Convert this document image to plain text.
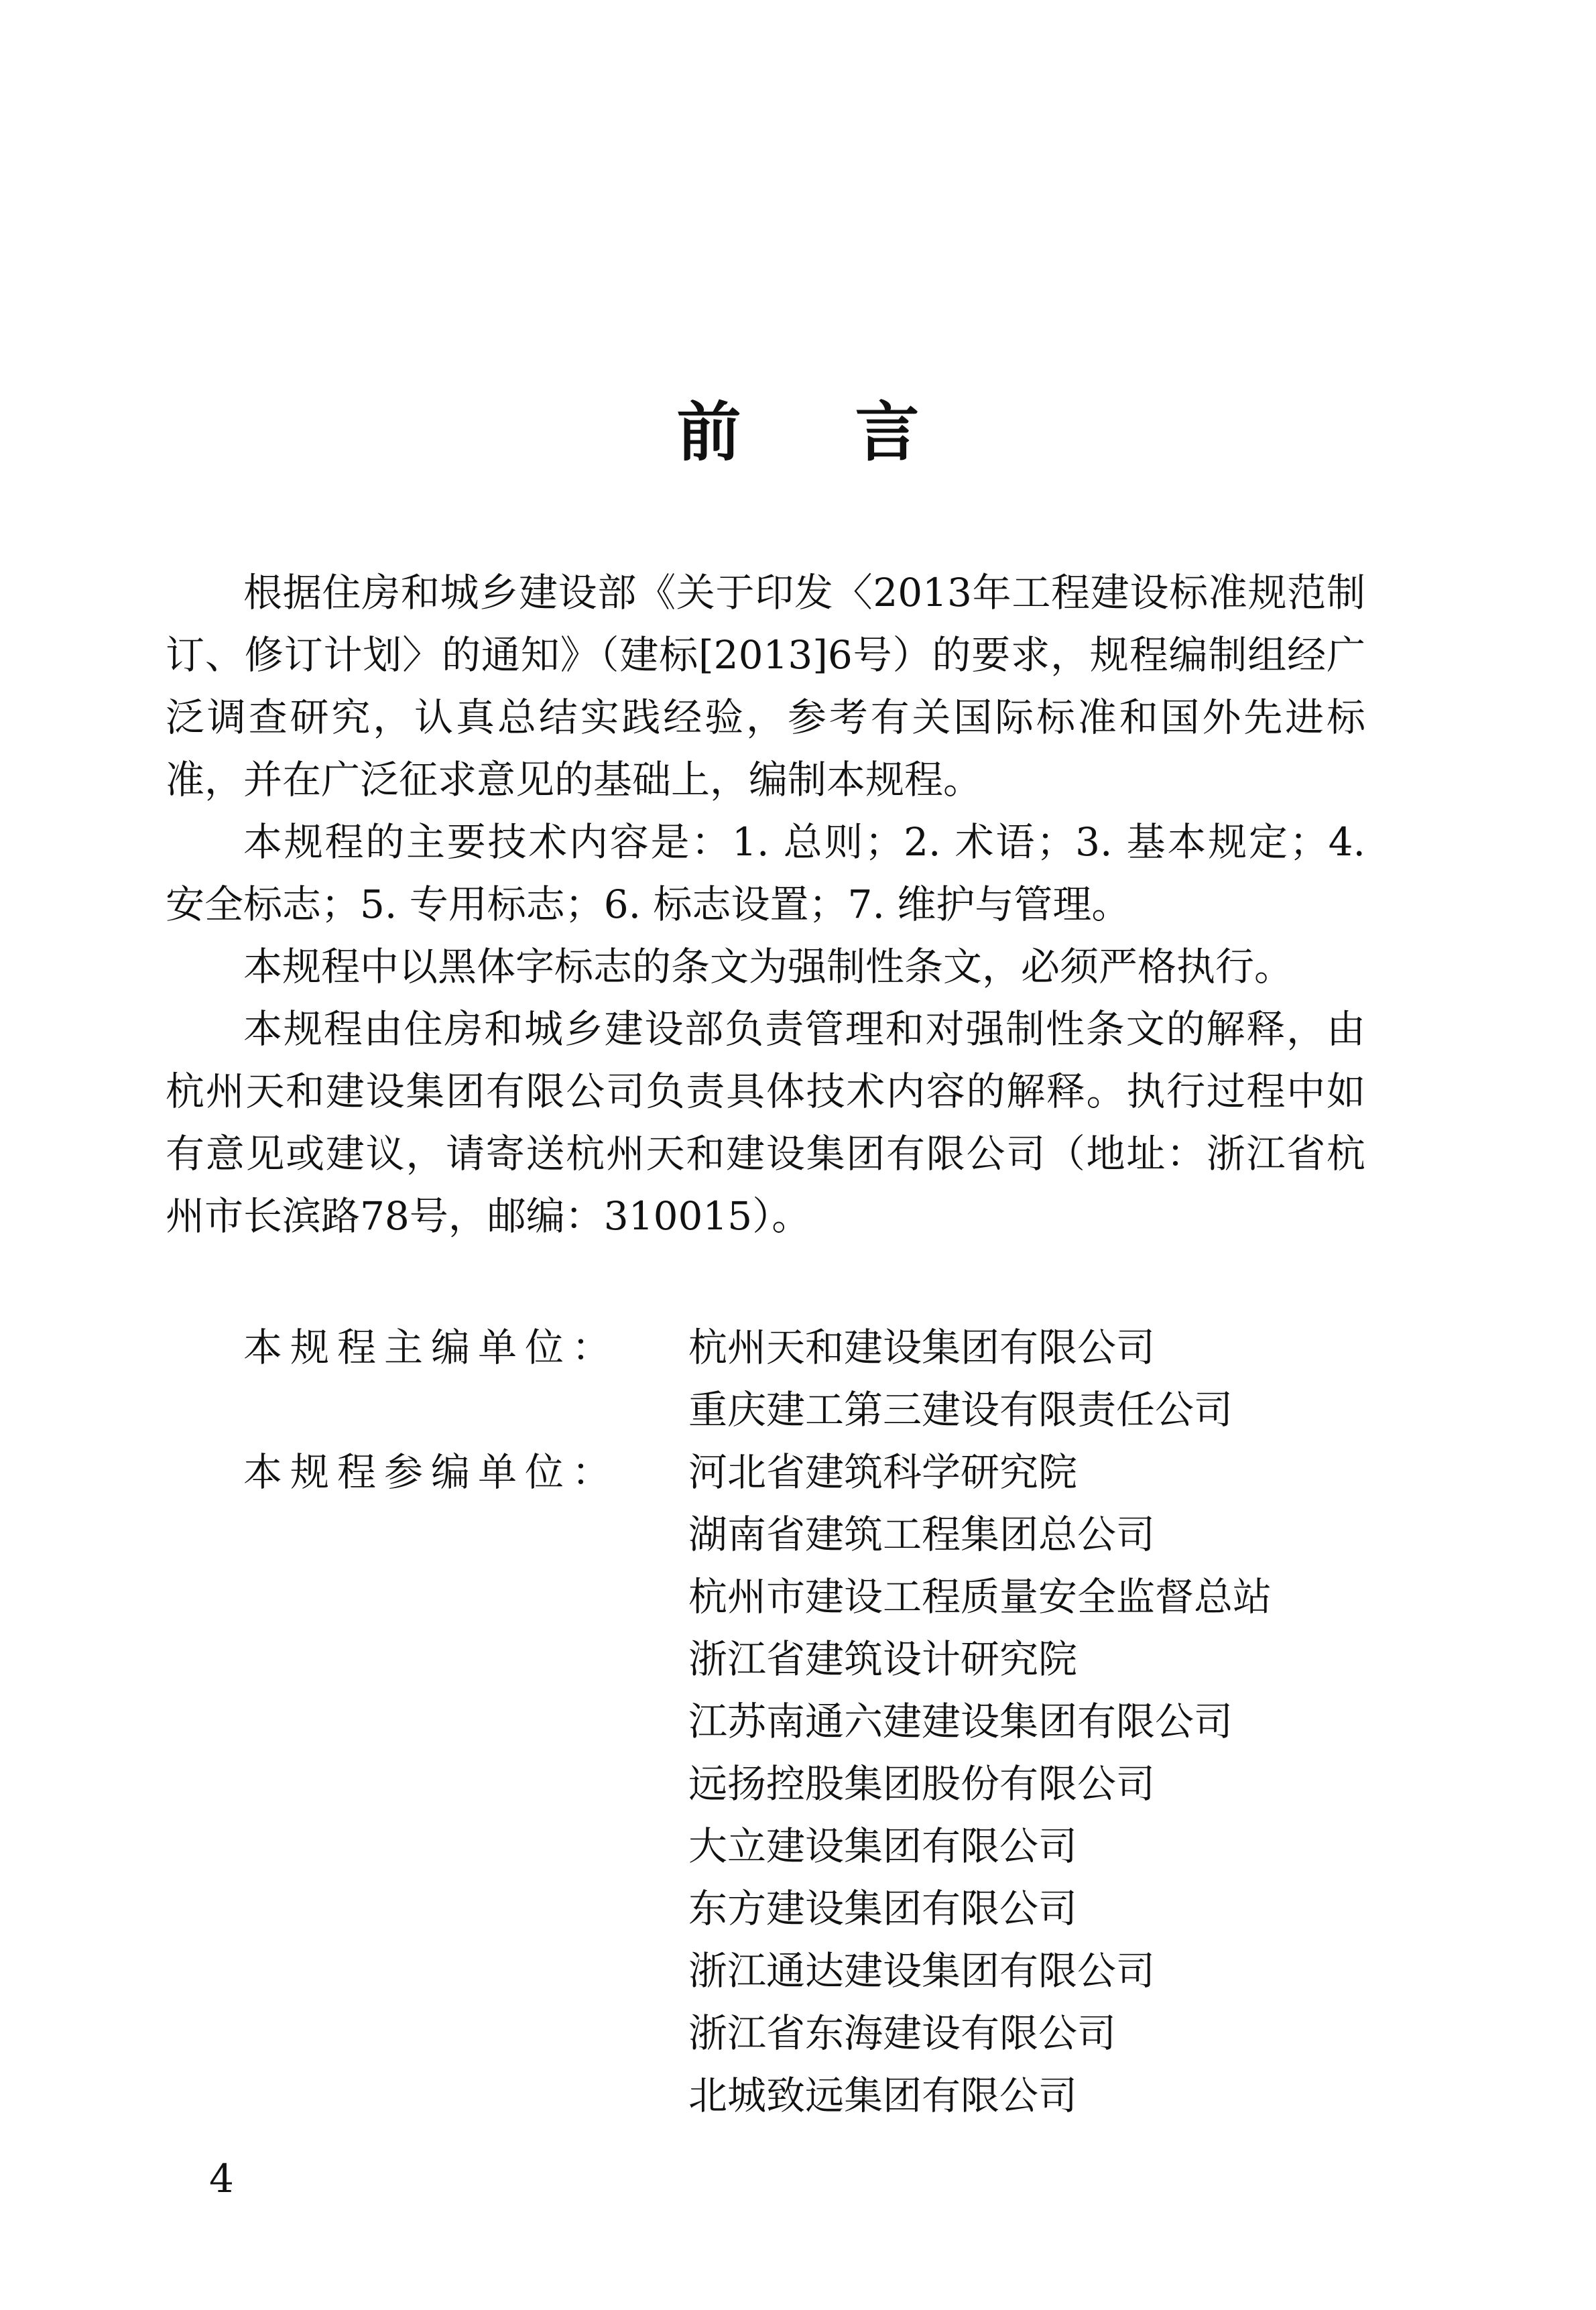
前言

根据住房和城乡建设部《关于印发〈2013年工程建设标准规范制订、修订计划〉的通知》（建标[2013]6号）的要求，规程编制组经广泛调查研究，认真总结实践经验，参考有关国际标准和国外先进标准，并在广泛征求意见的基础上，编制本规程。

本规程的主要技术内容是：1. 总则；2. 术语；3. 基本规定；4. 安全标志；5. 专用标志；6. 标志设置；7. 维护与管理。

本规程中以黑体字标志的条文为强制性条文，必须严格执行。

本规程由住房和城乡建设部负责管理和对强制性条文的解释，由杭州天和建设集团有限公司负责具体技术内容的解释。执行过程中如有意见或建议，请寄送杭州天和建设集团有限公司（地址：浙江省杭州市长滨路78号，邮编：310015）。

本规程主编单位：	杭州天和建设集团有限公司
重庆建工第三建设有限责任公司
本规程参编单位：	河北省建筑科学研究院
湖南省建筑工程集团总公司
杭州市建设工程质量安全监督总站
浙江省建筑设计研究院
江苏南通六建建设集团有限公司
远扬控股集团股份有限公司
大立建设集团有限公司
东方建设集团有限公司
浙江通达建设集团有限公司
浙江省东海建设有限公司
北城致远集团有限公司
4
